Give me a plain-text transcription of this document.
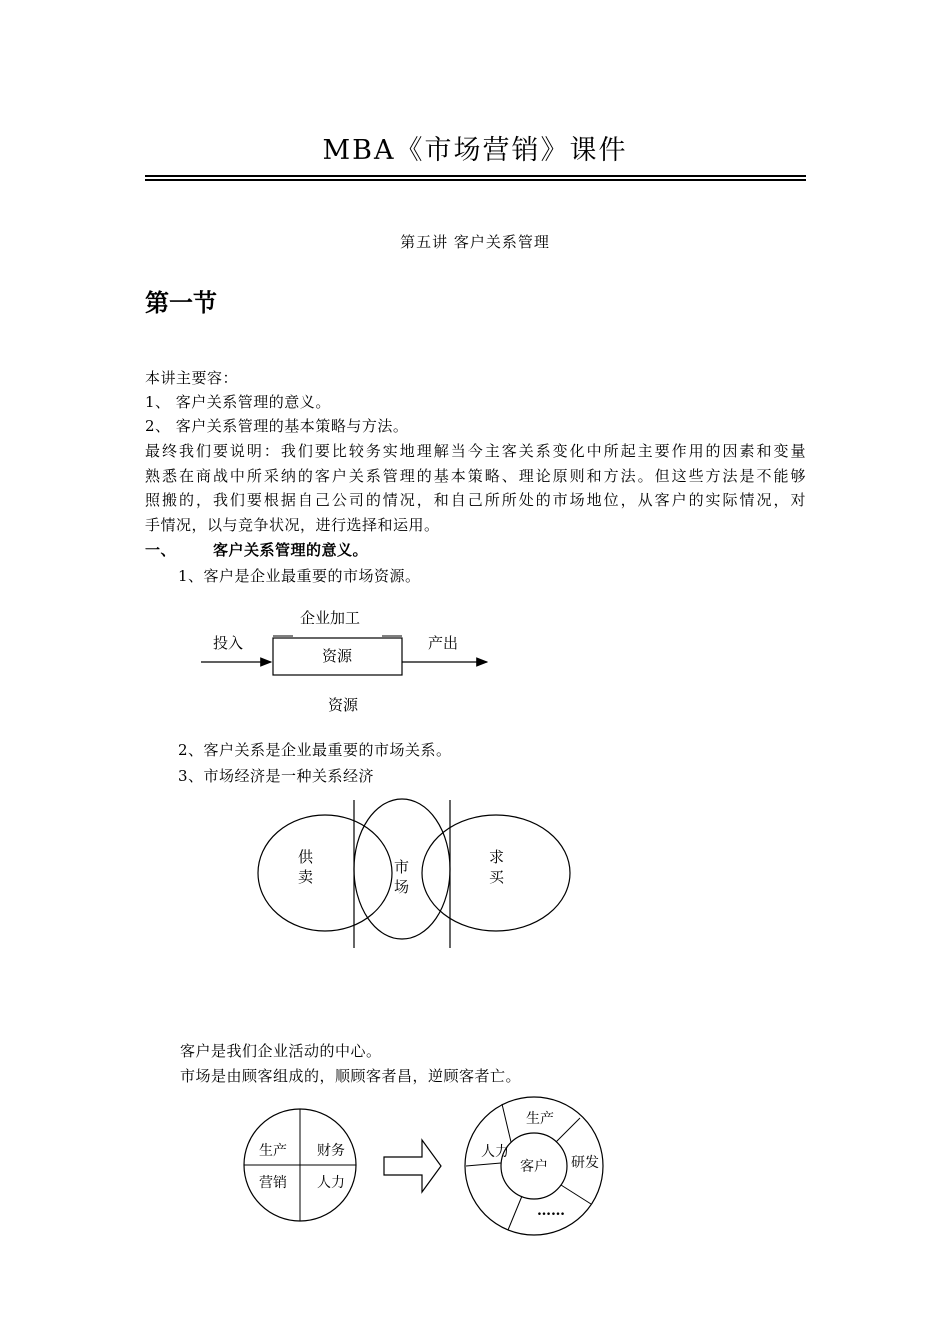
MBA《市场营销》课件
第五讲 客户关系管理
第一节
本讲主要容：
1、 客户关系管理的意义。
2、 客户关系管理的基本策略与方法。
最终我们要说明：我们要比较务实地理解当今主客关系变化中所起主要作用的因素和变量
熟悉在商战中所采纳的客户关系管理的基本策略、理论原则和方法。但这些方法是不能够
照搬的，我们要根据自己公司的情况，和自己所所处的市场地位，从客户的实际情况，对
手情况，以与竞争状况，进行选择和运用。
一、 客户关系管理的意义。
1、客户是企业最重要的市场资源。
企业加工
投入
资源
产出
资源
2、客户关系是企业最重要的市场关系。
3、市场经济是一种关系经济
供
卖
市
场
求
买
客户是我们企业活动的中心。
市场是由顾客组成的，顺顾客者昌，逆顾客者亡。
生产 财务
营销 人力
客户
生产
人力
研发
……
